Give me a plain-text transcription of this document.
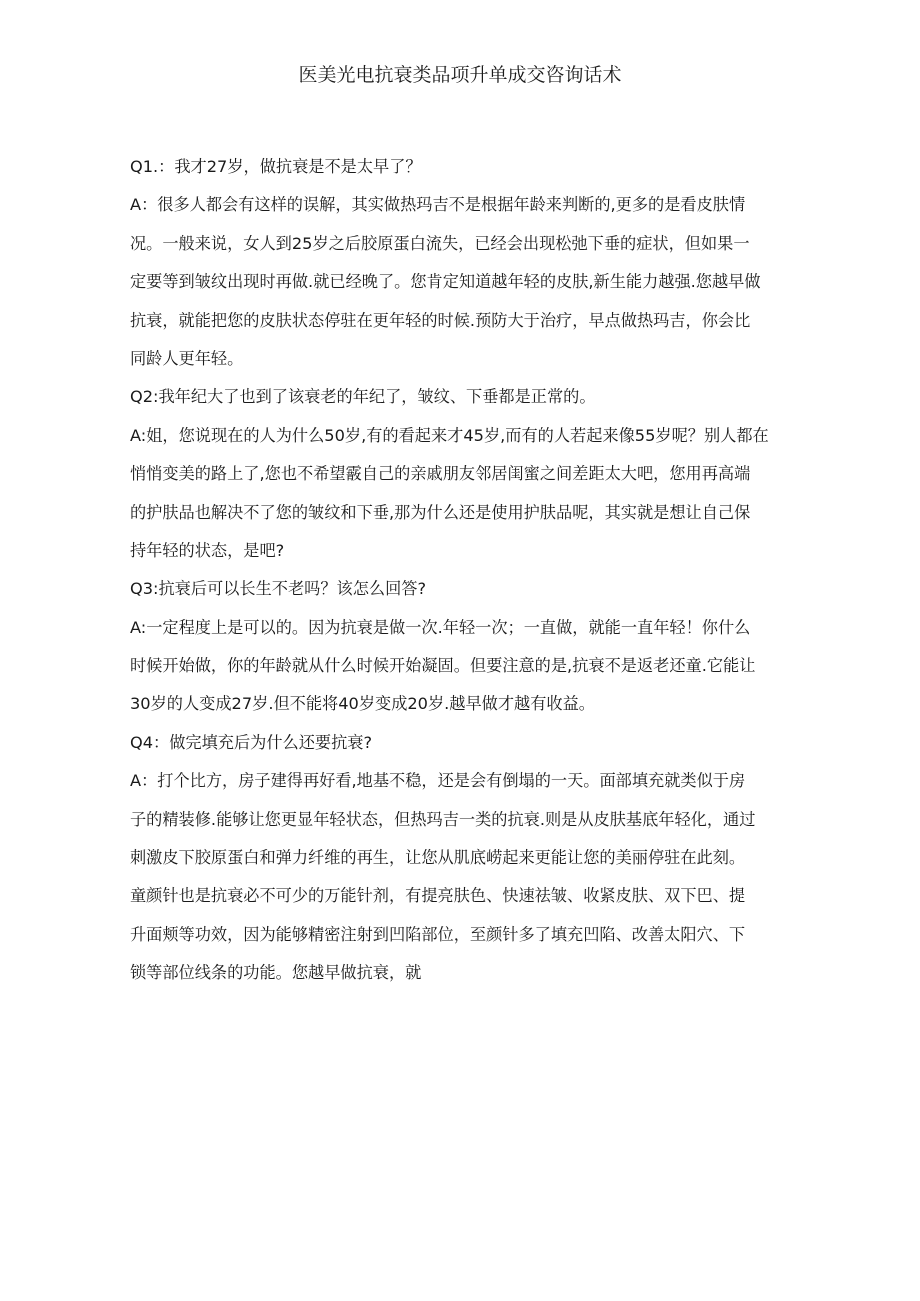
医美光电抗衰类品项升单成交咨询话术
Q1.：我才27岁，做抗衰是不是太早了？
A：很多人都会有这样的误解，其实做热玛吉不是根据年龄来判断的,更多的是看皮肤情
况。一般来说，女人到25岁之后胶原蛋白流失，已经会出现松弛下垂的症状，但如果一
定要等到皱纹出现时再做.就已经晚了。您肯定知道越年轻的皮肤,新生能力越强.您越早做
抗衰，就能把您的皮肤状态停驻在更年轻的时候.预防大于治疗，早点做热玛吉，你会比
同龄人更年轻。
Q2:我年纪大了也到了该衰老的年纪了，皱纹、下垂都是正常的。
A:姐，您说现在的人为什么50岁,有的看起来才45岁,而有的人若起来像55岁呢？别人都在
悄悄变美的路上了,您也不希望霰自己的亲戚朋友邻居闺蜜之间差距太大吧，您用再高端
的护肤品也解决不了您的皱纹和下垂,那为什么还是使用护肤品呢，其实就是想让自己保
持年轻的状态，是吧?
Q3:抗衰后可以长生不老吗？该怎么回答?
A:一定程度上是可以的。因为抗衰是做一次.年轻一次；一直做，就能一直年轻！你什么
时候开始做，你的年龄就从什么时候开始凝固。但要注意的是,抗衰不是返老还童.它能让
30岁的人变成27岁.但不能将40岁变成20岁.越早做才越有收益。
Q4：做完填充后为什么还要抗衰?
A：打个比方，房子建得再好看,地基不稳，还是会有倒塌的一天。面部填充就类似于房
子的精装修.能够让您更显年轻状态，但热玛吉一类的抗衰.则是从皮肤基底年轻化，通过
刺激皮下胶原蛋白和弹力纤维的再生，让您从肌底崂起来更能让您的美丽停驻在此刻。
童颜针也是抗衰必不可少的万能针剂，有提亮肤色、快速祛皱、收紧皮肤、双下巴、提
升面颊等功效，因为能够精密注射到凹陷部位，至颜针多了填充凹陷、改善太阳穴、下
锁等部位线条的功能。您越早做抗衰，就
